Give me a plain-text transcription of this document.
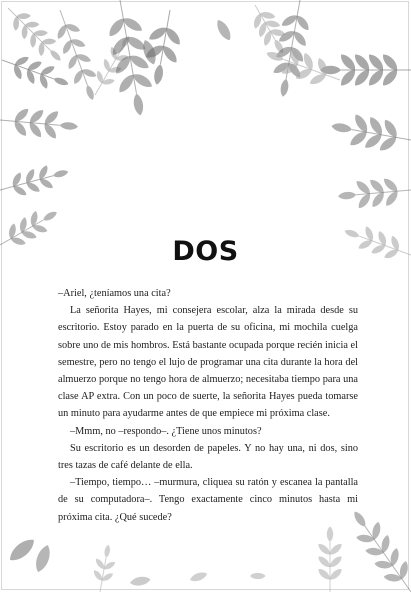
DOS

–Ariel, ¿teníamos una cita?

La señorita Hayes, mi consejera escolar, alza la mirada desde su escritorio. Estoy parado en la puerta de su oficina, mi mochila cuelga sobre uno de mis hombros. Está bastante ocupada porque recién inicia el semestre, pero no tengo el lujo de programar una cita durante la hora del almuerzo porque no tengo hora de almuerzo; necesitaba tiempo para una clase AP extra. Con un poco de suerte, la señorita Hayes pueda tomarse un minuto para ayudarme antes de que empiece mi próxima clase.

–Mmm, no –respondo–. ¿Tiene unos minutos?

Su escritorio es un desorden de papeles. Y no hay una, ni dos, sino tres tazas de café delante de ella.

–Tiempo, tiempo… –murmura, cliquea su ratón y escanea la pantalla de su computadora–. Tengo exactamente cinco minutos hasta mi próxima cita. ¿Qué sucede?
